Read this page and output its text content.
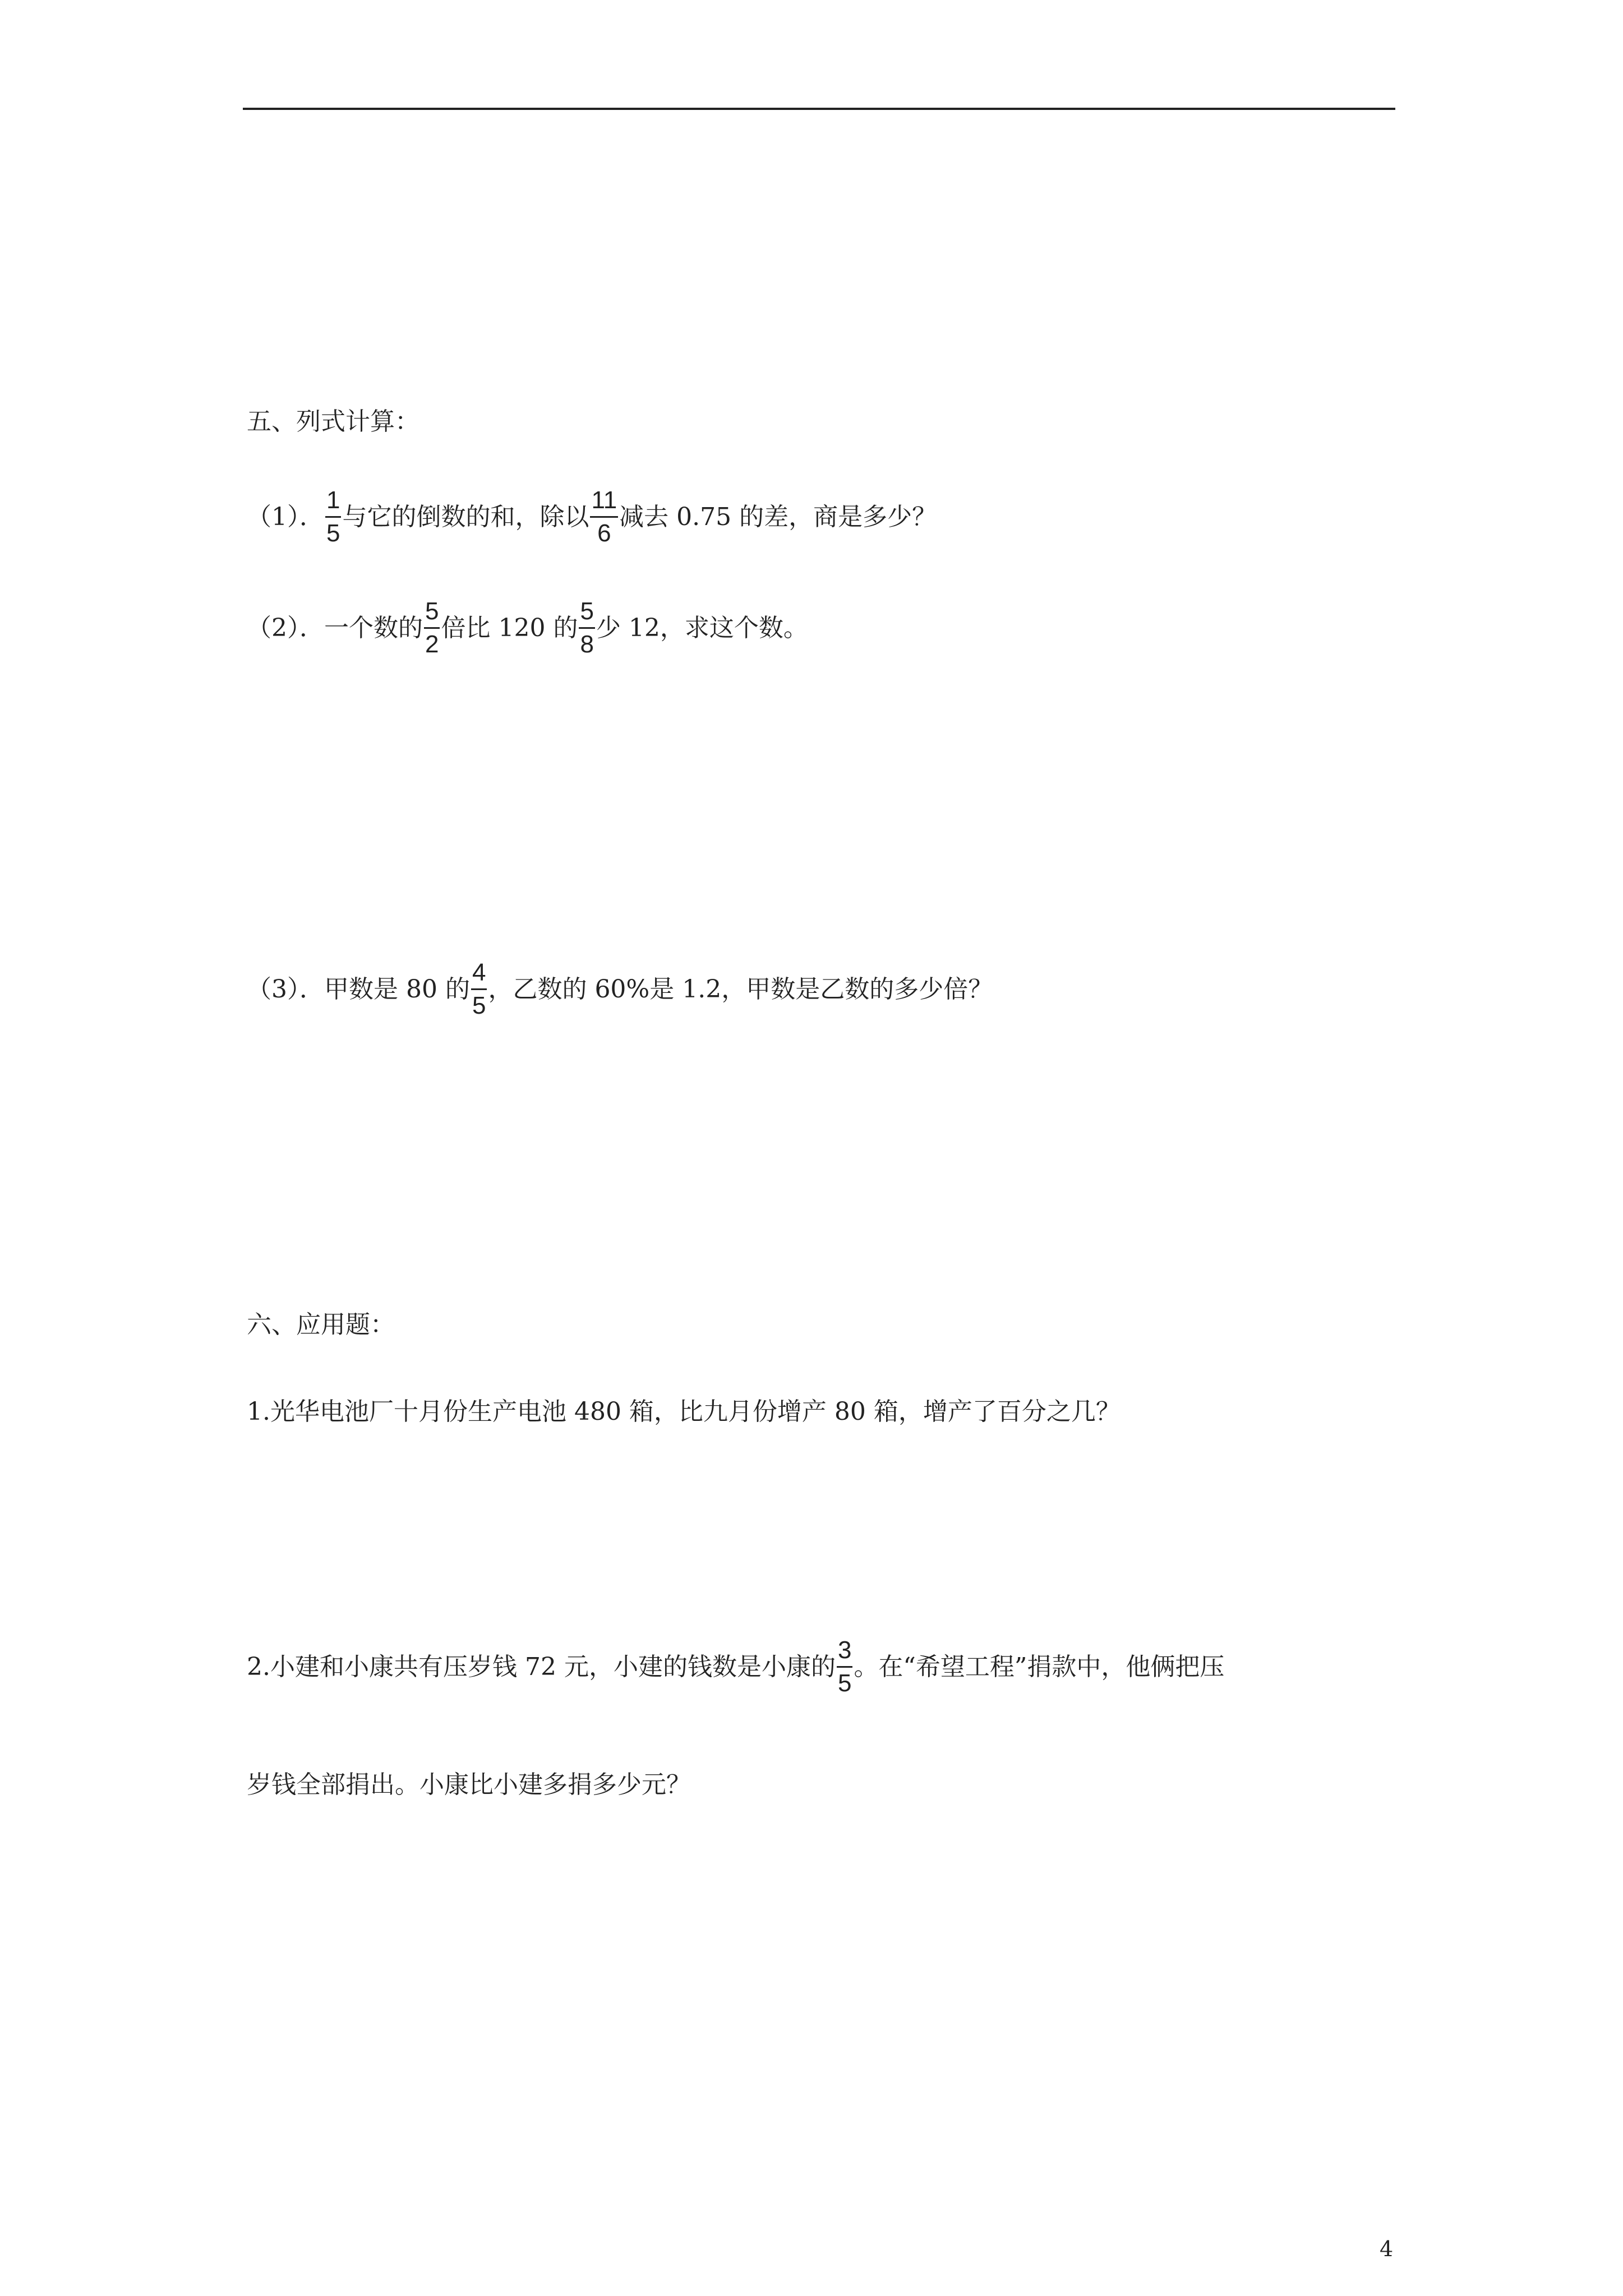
五、列式计算：
（1）． $\frac{1}{5}$ 与它的倒数的和，除以 $\frac{11}{6}$ 减去 0.75 的差，商是多少？
（2）．一个数的 $\frac{5}{2}$ 倍比 120 的 $\frac{5}{8}$ 少 12，求这个数。
（3）．甲数是 80 的 $\frac{4}{5}$ ，乙数的 60%是 1.2，甲数是乙数的多少倍？
六、应用题：
1.光华电池厂十月份生产电池 480 箱，比九月份增产 80 箱，增产了百分之几？
2.小建和小康共有压岁钱 72 元，小建的钱数是小康的 $\frac{3}{5}$ 。在“希望工程”捐款中，他俩把压
岁钱全部捐出。小康比小建多捐多少元？
4
